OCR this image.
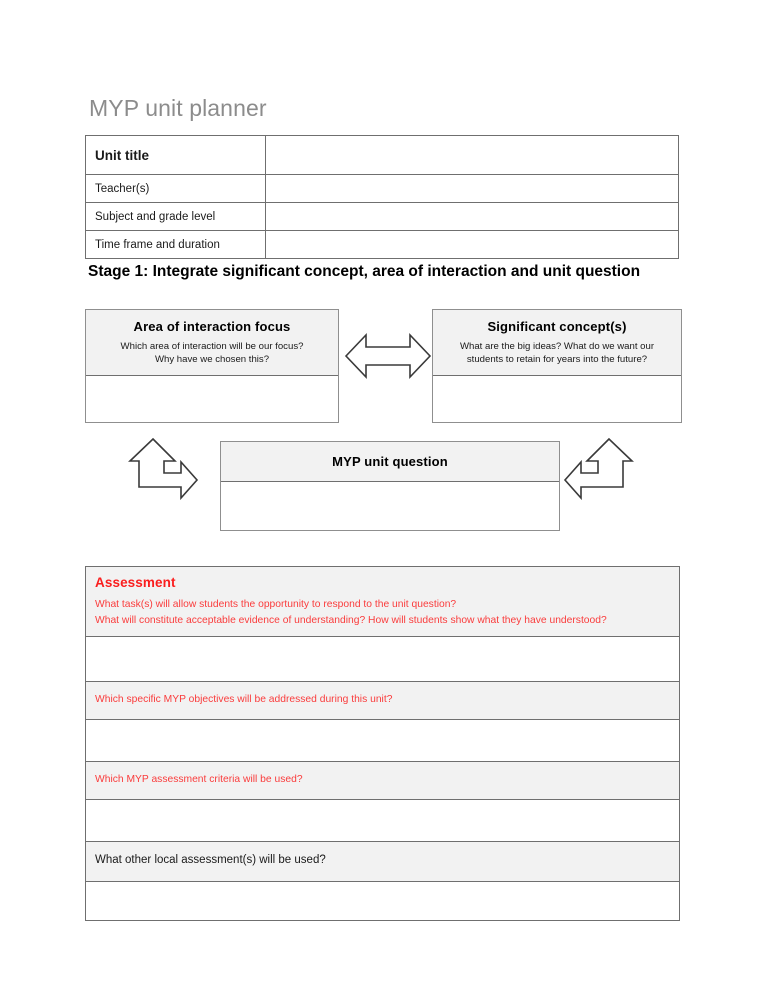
MYP unit planner
Unit title	
Teacher(s)	
Subject and grade level	
Time frame and duration	
Stage 1: Integrate significant concept, area of interaction and unit question
Area of interaction focus
Which area of interaction will be our focus?
Why have we chosen this?
Significant concept(s)
What are the big ideas? What do we want our
students to retain for years into the future?
MYP unit question
Assessment

What task(s) will allow students the opportunity to respond to the unit question?

What will constitute acceptable evidence of understanding? How will students show what they have understood?

Which specific MYP objectives will be addressed during this unit?

Which MYP assessment criteria will be used?

What other local assessment(s) will be used?
